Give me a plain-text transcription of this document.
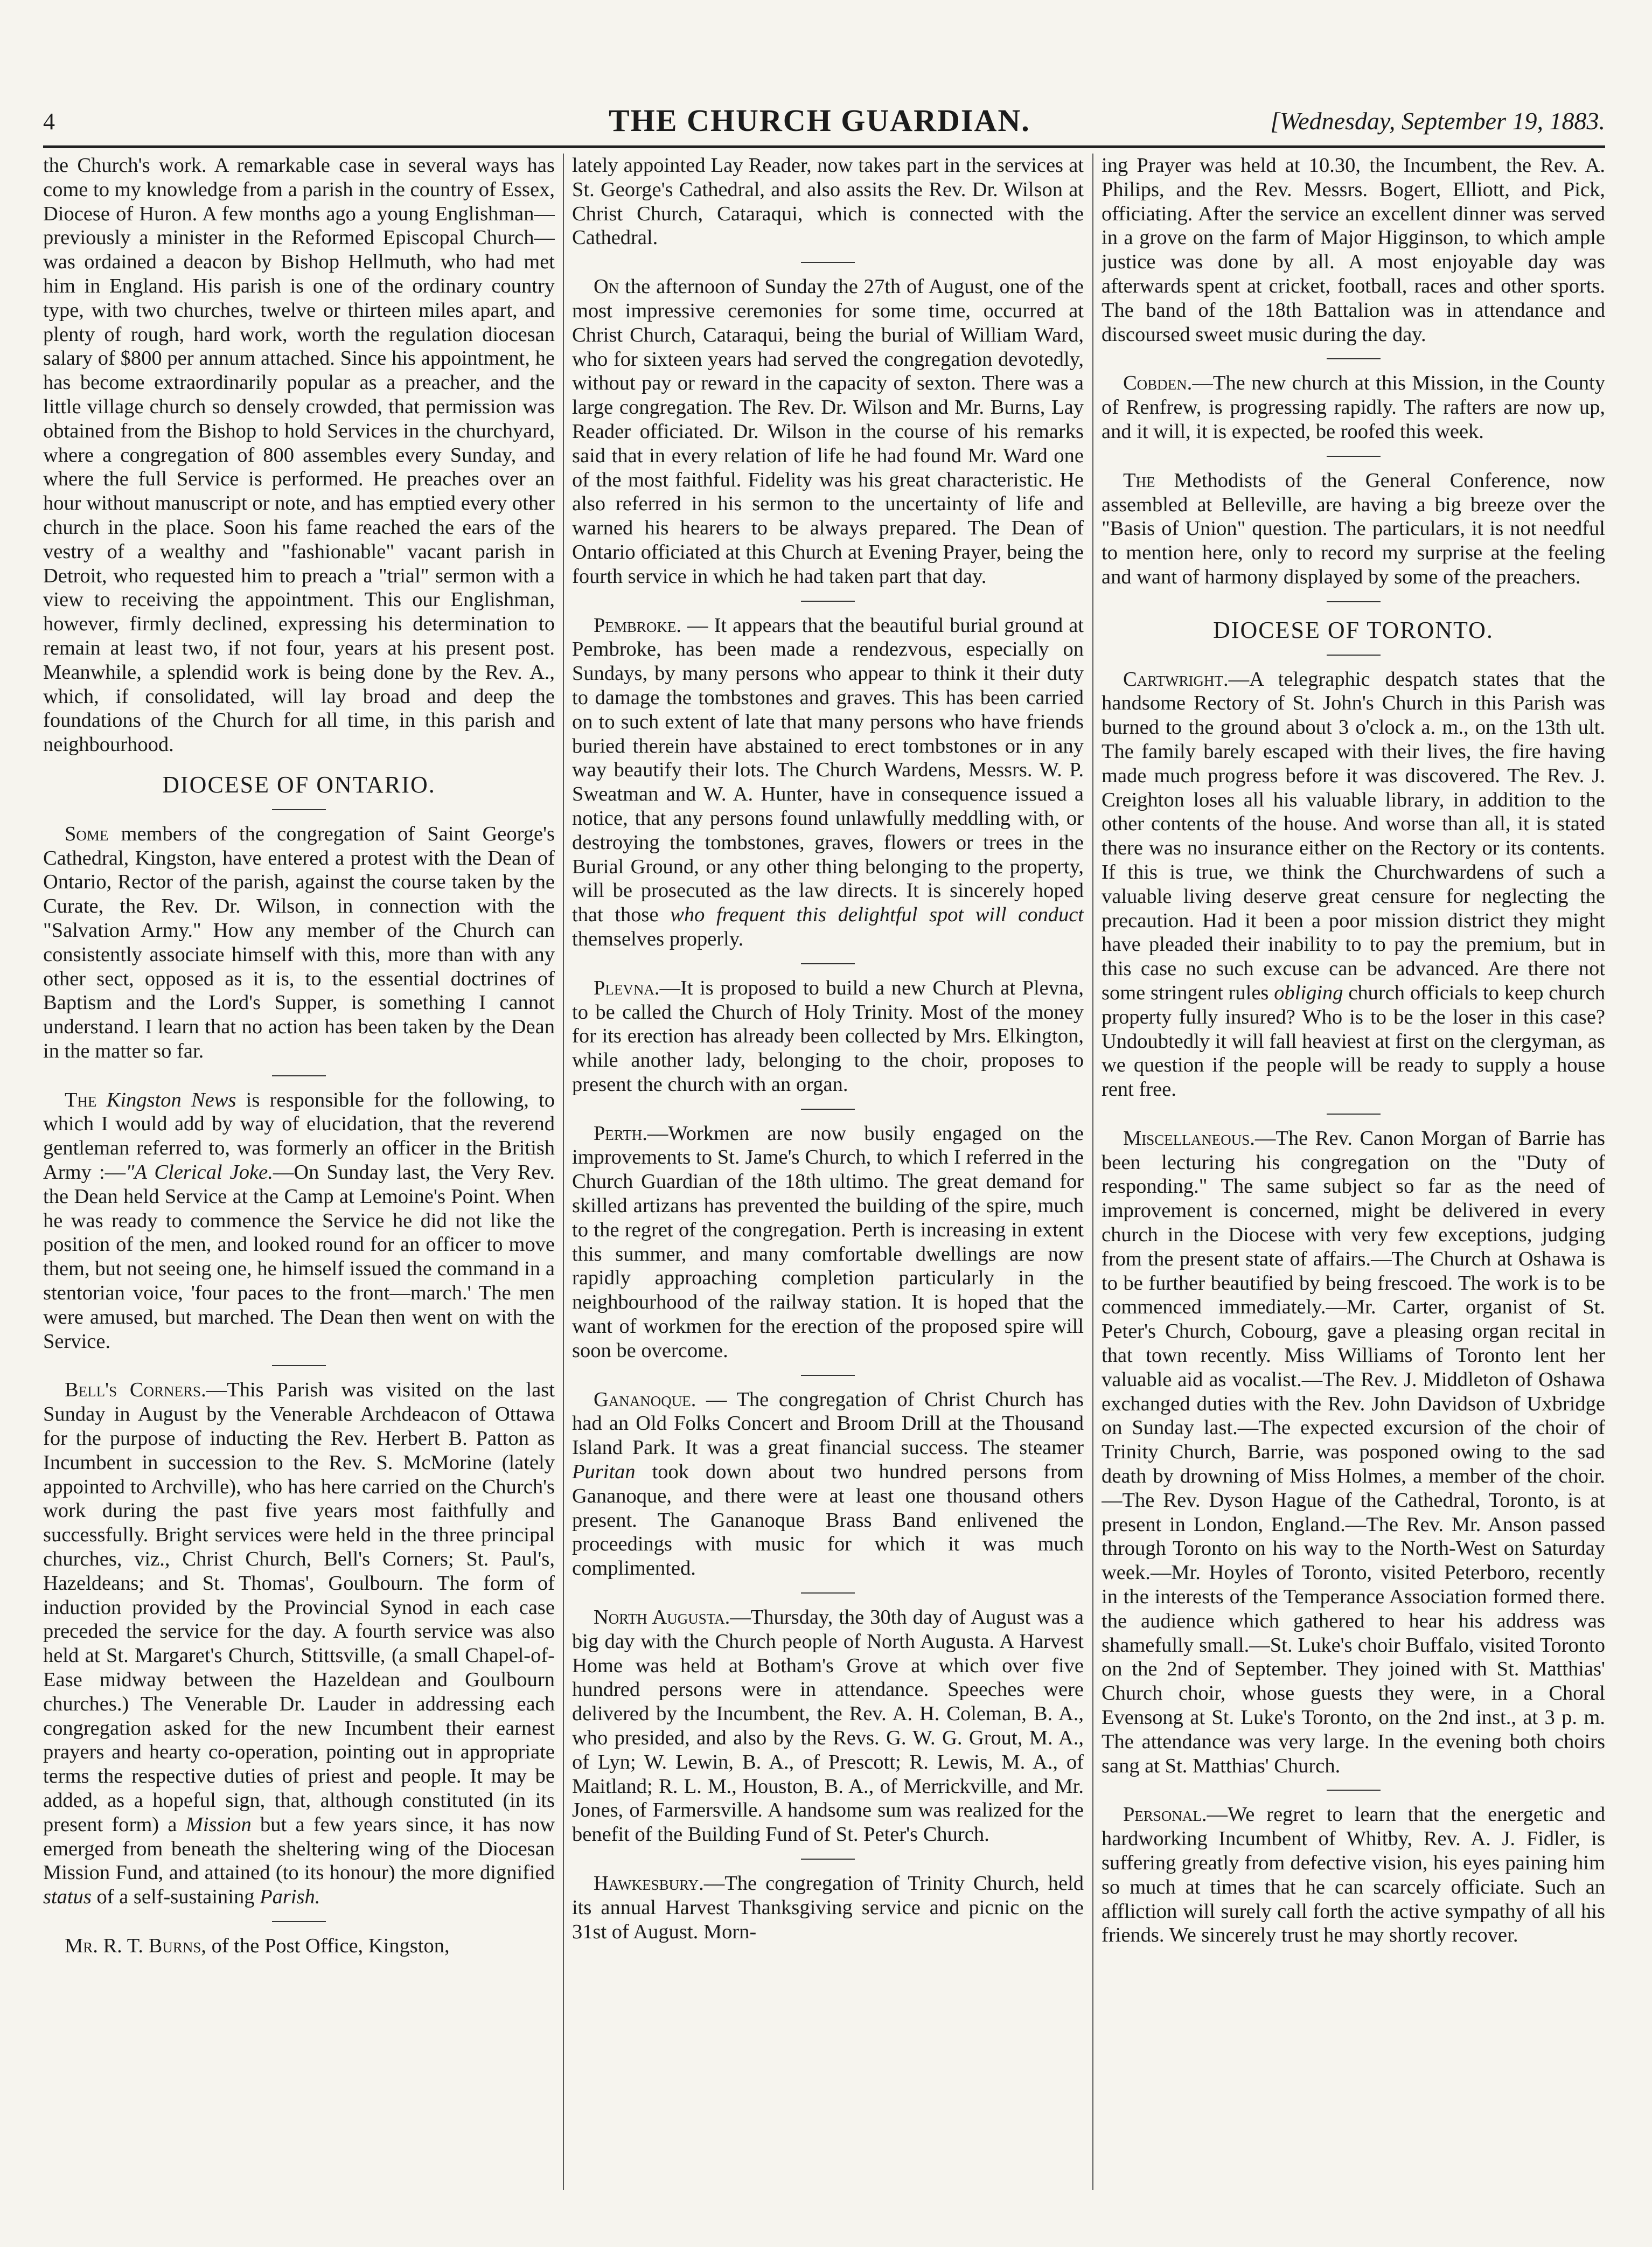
4	THE CHURCH GUARDIAN.	[Wednesday, September 19, 1883.

the Church's work. A remarkable case in several ways has come to my knowledge from a parish in the country of Essex, Diocese of Huron. A few months ago a young Englishman—previously a minister in the Reformed Episcopal Church—was ordained a deacon by Bishop Hellmuth, who had met him in England. His parish is one of the ordinary country type, with two churches, twelve or thirteen miles apart, and plenty of rough, hard work, worth the regulation diocesan salary of $800 per annum attached. Since his appointment, he has become extraordinarily popular as a preacher, and the little village church so densely crowded, that permission was obtained from the Bishop to hold Services in the churchyard, where a congregation of 800 assembles every Sunday, and where the full Service is performed. He preaches over an hour without manuscript or note, and has emptied every other church in the place. Soon his fame reached the ears of the vestry of a wealthy and "fashionable" vacant parish in Detroit, who requested him to preach a "trial" sermon with a view to receiving the appointment. This our Englishman, however, firmly declined, expressing his determination to remain at least two, if not four, years at his present post. Meanwhile, a splendid work is being done by the Rev. A., which, if consolidated, will lay broad and deep the foundations of the Church for all time, in this parish and neighbourhood.

DIOCESE OF ONTARIO.

Some members of the congregation of Saint George's Cathedral, Kingston, have entered a protest with the Dean of Ontario, Rector of the parish, against the course taken by the Curate, the Rev. Dr. Wilson, in connection with the "Salvation Army." How any member of the Church can consistently associate himself with this, more than with any other sect, opposed as it is, to the essential doctrines of Baptism and the Lord's Supper, is something I cannot understand. I learn that no action has been taken by the Dean in the matter so far.

The Kingston News is responsible for the following, to which I would add by way of elucidation, that the reverend gentleman referred to, was formerly an officer in the British Army :—"A Clerical Joke.—On Sunday last, the Very Rev. the Dean held Service at the Camp at Lemoine's Point. When he was ready to commence the Service he did not like the position of the men, and looked round for an officer to move them, but not seeing one, he himself issued the command in a stentorian voice, 'four paces to the front—march.' The men were amused, but marched. The Dean then went on with the Service.

Bell's Corners.—This Parish was visited on the last Sunday in August by the Venerable Archdeacon of Ottawa for the purpose of inducting the Rev. Herbert B. Patton as Incumbent in succession to the Rev. S. McMorine (lately appointed to Archville), who has here carried on the Church's work during the past five years most faithfully and successfully. Bright services were held in the three principal churches, viz., Christ Church, Bell's Corners; St. Paul's, Hazeldeans; and St. Thomas', Goulbourn. The form of induction provided by the Provincial Synod in each case preceded the service for the day. A fourth service was also held at St. Margaret's Church, Stittsville, (a small Chapel-of-Ease midway between the Hazeldean and Goulbourn churches.) The Venerable Dr. Lauder in addressing each congregation asked for the new Incumbent their earnest prayers and hearty co-operation, pointing out in appropriate terms the respective duties of priest and people. It may be added, as a hopeful sign, that, although constituted (in its present form) a Mission but a few years since, it has now emerged from beneath the sheltering wing of the Diocesan Mission Fund, and attained (to its honour) the more dignified status of a self-sustaining Parish.

Mr. R. T. Burns, of the Post Office, Kingston,

lately appointed Lay Reader, now takes part in the services at St. George's Cathedral, and also assits the Rev. Dr. Wilson at Christ Church, Cataraqui, which is connected with the Cathedral.

On the afternoon of Sunday the 27th of August, one of the most impressive ceremonies for some time, occurred at Christ Church, Cataraqui, being the burial of William Ward, who for sixteen years had served the congregation devotedly, without pay or reward in the capacity of sexton. There was a large congregation. The Rev. Dr. Wilson and Mr. Burns, Lay Reader officiated. Dr. Wilson in the course of his remarks said that in every relation of life he had found Mr. Ward one of the most faithful. Fidelity was his great characteristic. He also referred in his sermon to the uncertainty of life and warned his hearers to be always prepared. The Dean of Ontario officiated at this Church at Evening Prayer, being the fourth service in which he had taken part that day.

Pembroke. — It appears that the beautiful burial ground at Pembroke, has been made a rendezvous, especially on Sundays, by many persons who appear to think it their duty to damage the tombstones and graves. This has been carried on to such extent of late that many persons who have friends buried therein have abstained to erect tombstones or in any way beautify their lots. The Church Wardens, Messrs. W. P. Sweatman and W. A. Hunter, have in consequence issued a notice, that any persons found unlawfully meddling with, or destroying the tombstones, graves, flowers or trees in the Burial Ground, or any other thing belonging to the property, will be prosecuted as the law directs. It is sincerely hoped that those who frequent this delightful spot will conduct themselves properly.

Plevna.—It is proposed to build a new Church at Plevna, to be called the Church of Holy Trinity. Most of the money for its erection has already been collected by Mrs. Elkington, while another lady, belonging to the choir, proposes to present the church with an organ.

Perth.—Workmen are now busily engaged on the improvements to St. Jame's Church, to which I referred in the Church Guardian of the 18th ultimo. The great demand for skilled artizans has prevented the building of the spire, much to the regret of the congregation. Perth is increasing in extent this summer, and many comfortable dwellings are now rapidly approaching completion particularly in the neighbourhood of the railway station. It is hoped that the want of workmen for the erection of the proposed spire will soon be overcome.

Gananoque. — The congregation of Christ Church has had an Old Folks Concert and Broom Drill at the Thousand Island Park. It was a great financial success. The steamer Puritan took down about two hundred persons from Gananoque, and there were at least one thousand others present. The Gananoque Brass Band enlivened the proceedings with music for which it was much complimented.

North Augusta.—Thursday, the 30th day of August was a big day with the Church people of North Augusta. A Harvest Home was held at Botham's Grove at which over five hundred persons were in attendance. Speeches were delivered by the Incumbent, the Rev. A. H. Coleman, B. A., who presided, and also by the Revs. G. W. G. Grout, M. A., of Lyn; W. Lewin, B. A., of Prescott; R. Lewis, M. A., of Maitland; R. L. M., Houston, B. A., of Merrickville, and Mr. Jones, of Farmersville. A handsome sum was realized for the benefit of the Building Fund of St. Peter's Church.

Hawkesbury.—The congregation of Trinity Church, held its annual Harvest Thanksgiving service and picnic on the 31st of August. Morn-

ing Prayer was held at 10.30, the Incumbent, the Rev. A. Philips, and the Rev. Messrs. Bogert, Elliott, and Pick, officiating. After the service an excellent dinner was served in a grove on the farm of Major Higginson, to which ample justice was done by all. A most enjoyable day was afterwards spent at cricket, football, races and other sports. The band of the 18th Battalion was in attendance and discoursed sweet music during the day.

Cobden.—The new church at this Mission, in the County of Renfrew, is progressing rapidly. The rafters are now up, and it will, it is expected, be roofed this week.

The Methodists of the General Conference, now assembled at Belleville, are having a big breeze over the "Basis of Union" question. The particulars, it is not needful to mention here, only to record my surprise at the feeling and want of harmony displayed by some of the preachers.

DIOCESE OF TORONTO.

Cartwright.—A telegraphic despatch states that the handsome Rectory of St. John's Church in this Parish was burned to the ground about 3 o'clock a. m., on the 13th ult. The family barely escaped with their lives, the fire having made much progress before it was discovered. The Rev. J. Creighton loses all his valuable library, in addition to the other contents of the house. And worse than all, it is stated there was no insurance either on the Rectory or its contents. If this is true, we think the Churchwardens of such a valuable living deserve great censure for neglecting the precaution. Had it been a poor mission district they might have pleaded their inability to to pay the premium, but in this case no such excuse can be advanced. Are there not some stringent rules obliging church officials to keep church property fully insured? Who is to be the loser in this case? Undoubtedly it will fall heaviest at first on the clergyman, as we question if the people will be ready to supply a house rent free.

Miscellaneous.—The Rev. Canon Morgan of Barrie has been lecturing his congregation on the "Duty of responding." The same subject so far as the need of improvement is concerned, might be delivered in every church in the Diocese with very few exceptions, judging from the present state of affairs.—The Church at Oshawa is to be further beautified by being frescoed. The work is to be commenced immediately.—Mr. Carter, organist of St. Peter's Church, Cobourg, gave a pleasing organ recital in that town recently. Miss Williams of Toronto lent her valuable aid as vocalist.—The Rev. J. Middleton of Oshawa exchanged duties with the Rev. John Davidson of Uxbridge on Sunday last.—The expected excursion of the choir of Trinity Church, Barrie, was posponed owing to the sad death by drowning of Miss Holmes, a member of the choir.—The Rev. Dyson Hague of the Cathedral, Toronto, is at present in London, England.—The Rev. Mr. Anson passed through Toronto on his way to the North-West on Saturday week.—Mr. Hoyles of Toronto, visited Peterboro, recently in the interests of the Temperance Association formed there. the audience which gathered to hear his address was shamefully small.—St. Luke's choir Buffalo, visited Toronto on the 2nd of September. They joined with St. Matthias' Church choir, whose guests they were, in a Choral Evensong at St. Luke's Toronto, on the 2nd inst., at 3 p. m. The attendance was very large. In the evening both choirs sang at St. Matthias' Church.

Personal.—We regret to learn that the energetic and hardworking Incumbent of Whitby, Rev. A. J. Fidler, is suffering greatly from defective vision, his eyes paining him so much at times that he can scarcely officiate. Such an affliction will surely call forth the active sympathy of all his friends. We sincerely trust he may shortly recover.
